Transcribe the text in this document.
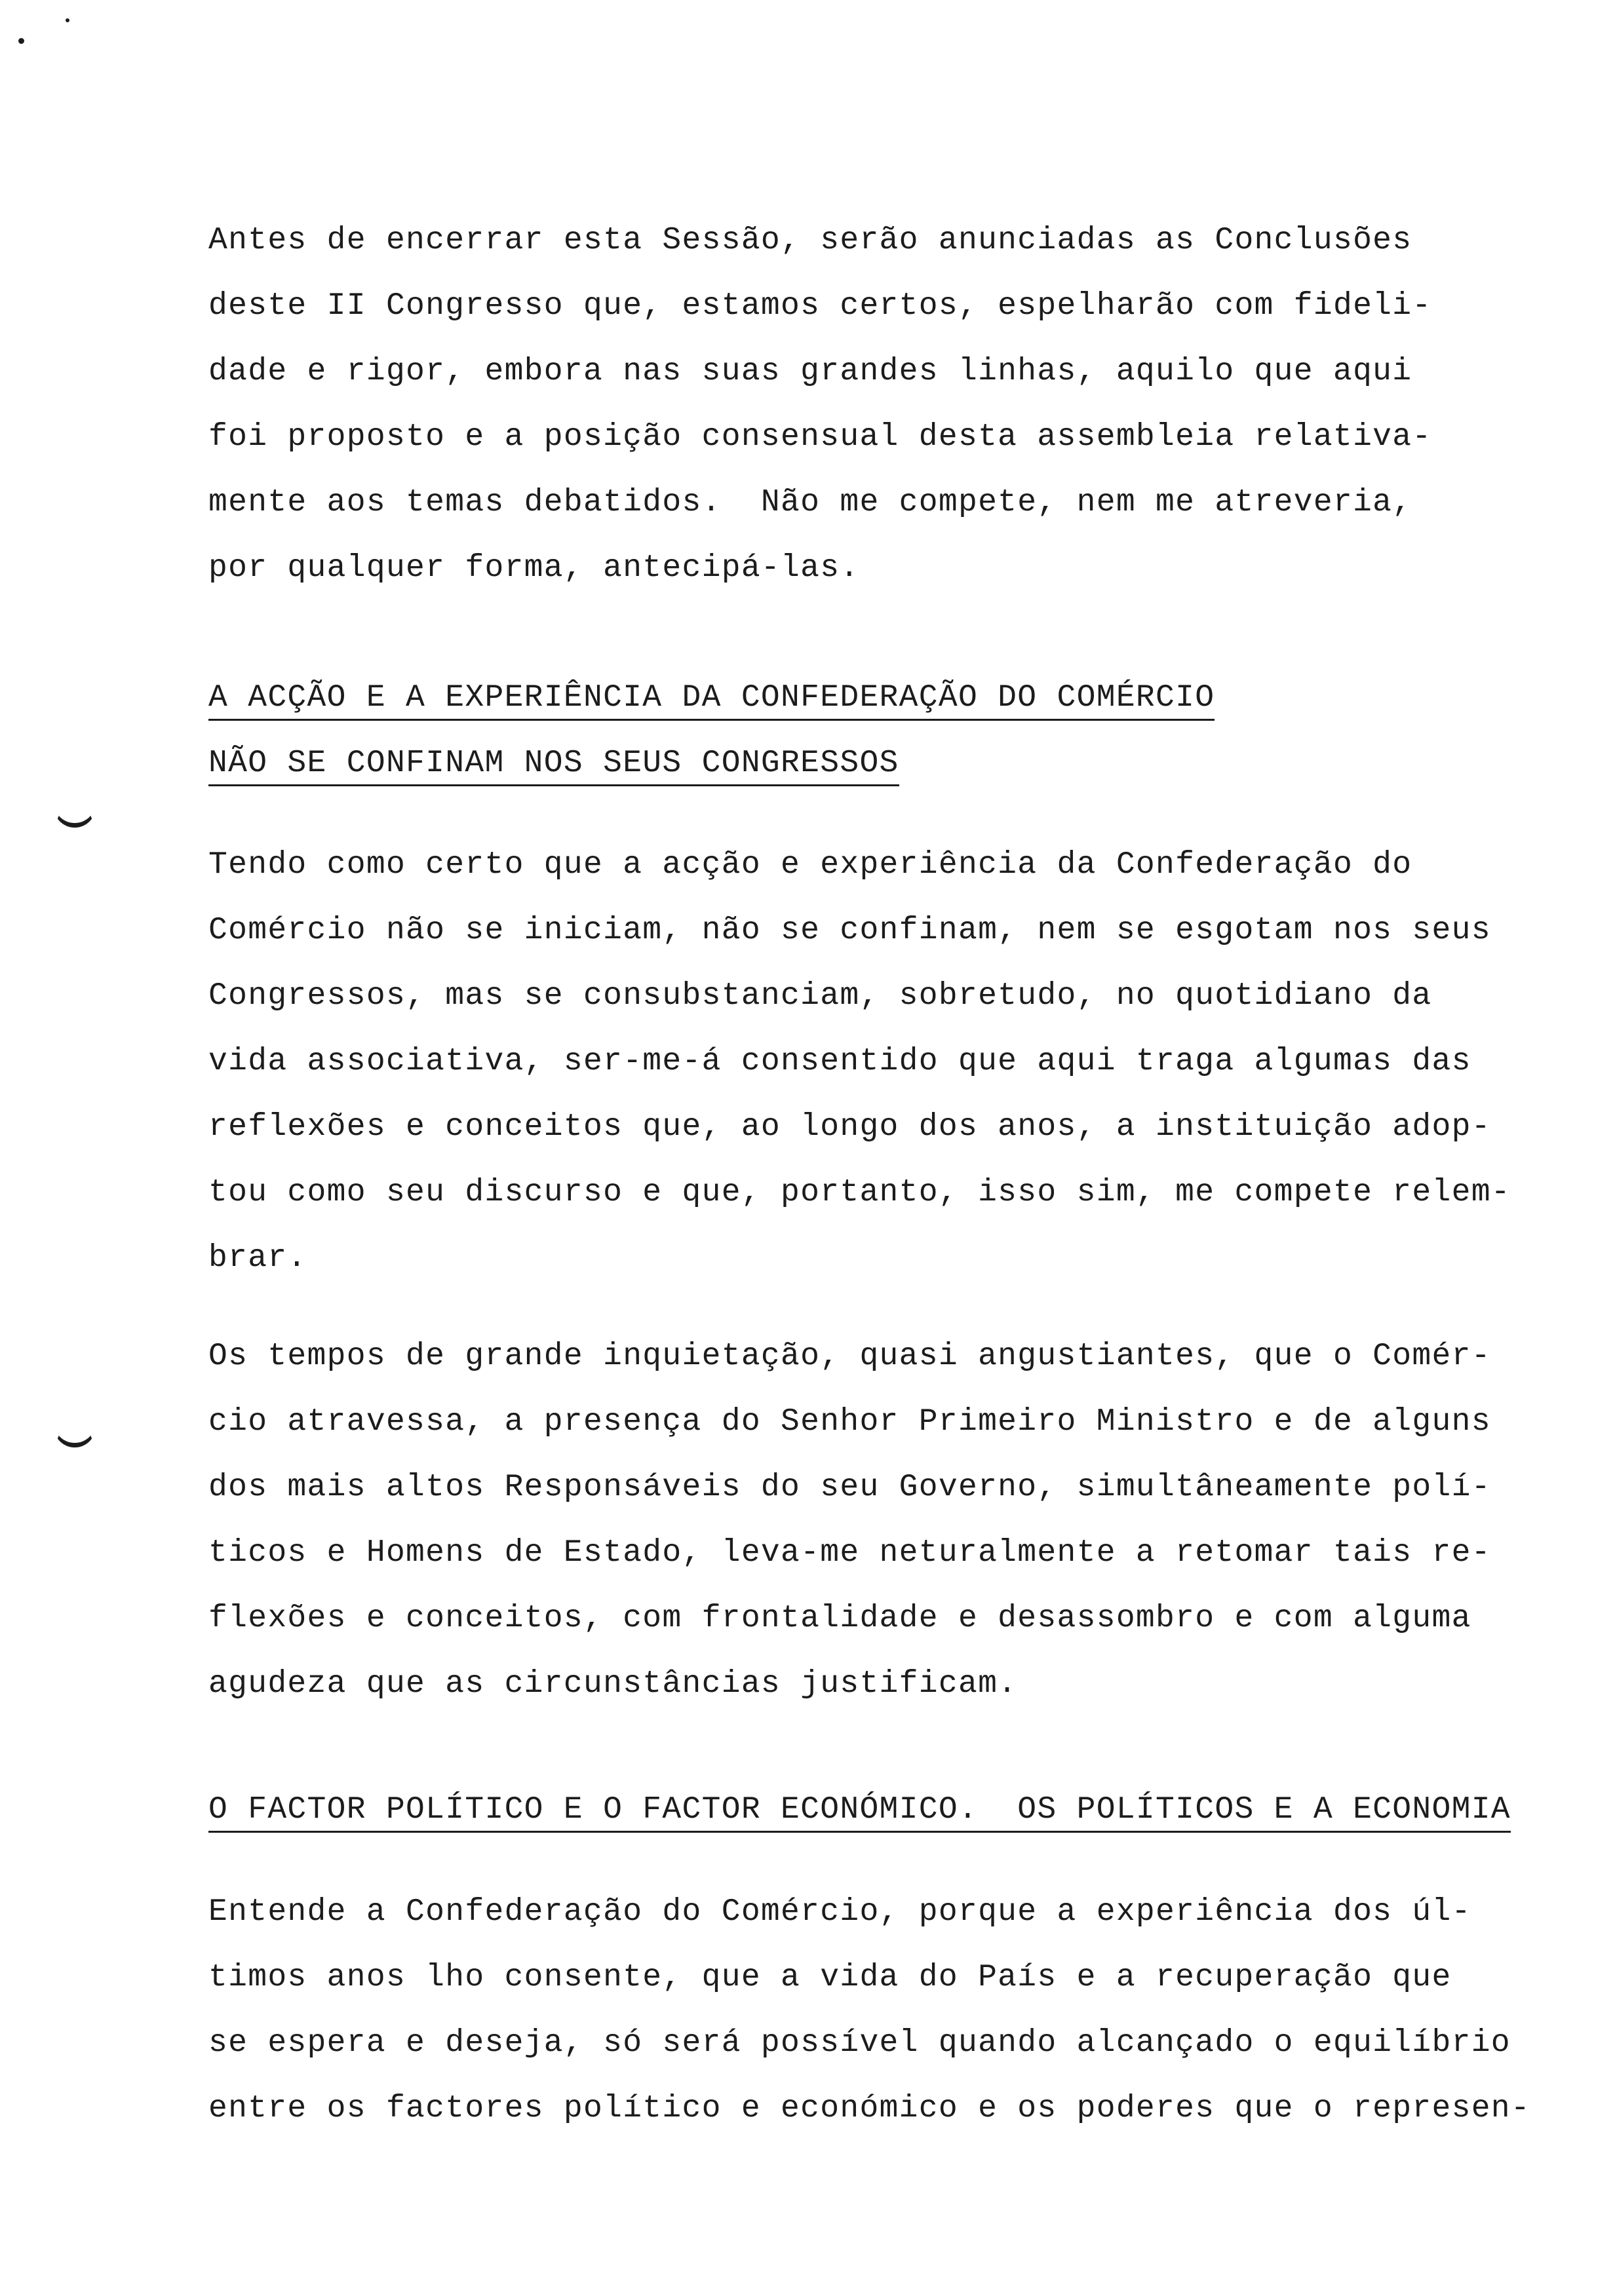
Antes de encerrar esta Sessão, serão anunciadas as Conclusões
deste II Congresso que, estamos certos, espelharão com fideli-
dade e rigor, embora nas suas grandes linhas, aquilo que aqui
foi proposto e a posição consensual desta assembleia relativa-
mente aos temas debatidos.  Não me compete, nem me atreveria,
por qualquer forma, antecipá-las.
A ACÇÃO E A EXPERIÊNCIA DA CONFEDERAÇÃO DO COMÉRCIO
NÃO SE CONFINAM NOS SEUS CONGRESSOS
Tendo como certo que a acção e experiência da Confederação do
Comércio não se iniciam, não se confinam, nem se esgotam nos seus
Congressos, mas se consubstanciam, sobretudo, no quotidiano da
vida associativa, ser-me-á consentido que aqui traga algumas das
reflexões e conceitos que, ao longo dos anos, a instituição adop-
tou como seu discurso e que, portanto, isso sim, me compete relem-
brar.
Os tempos de grande inquietação, quasi angustiantes, que o Comér-
cio atravessa, a presença do Senhor Primeiro Ministro e de alguns
dos mais altos Responsáveis do seu Governo, simultâneamente polí-
ticos e Homens de Estado, leva-me neturalmente a retomar tais re-
flexões e conceitos, com frontalidade e desassombro e com alguma
agudeza que as circunstâncias justificam.
O FACTOR POLÍTICO E O FACTOR ECONÓMICO.  OS POLÍTICOS E A ECONOMIA
Entende a Confederação do Comércio, porque a experiência dos úl-
timos anos lho consente, que a vida do País e a recuperação que
se espera e deseja, só será possível quando alcançado o equilíbrio
entre os factores político e económico e os poderes que o represen-
